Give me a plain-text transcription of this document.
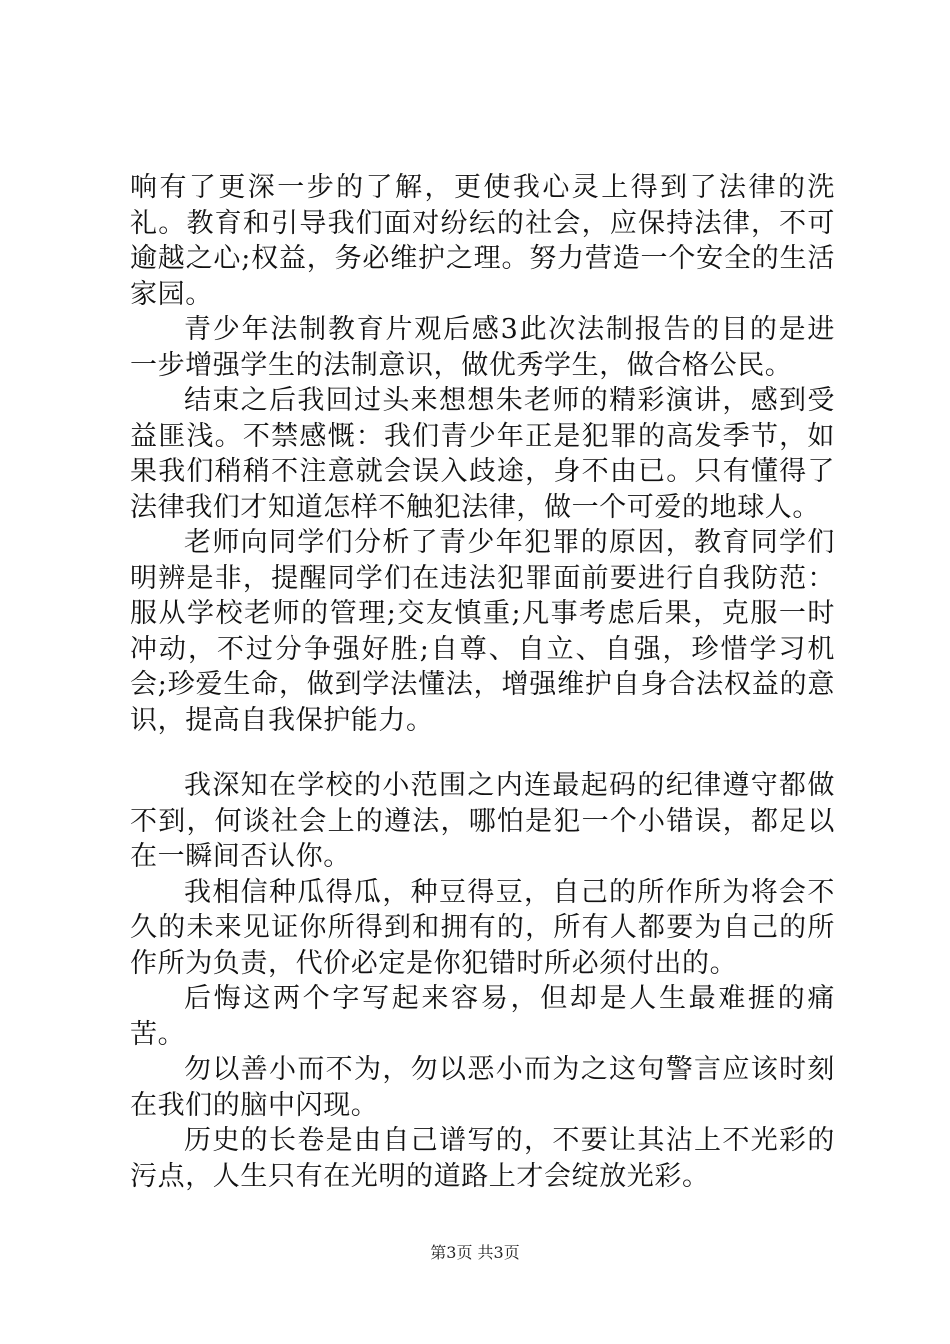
响有了更深一步的了解，更使我心灵上得到了法律的洗礼。教育和引导我们面对纷纭的社会，应保持法律，不可逾越之心;权益，务必维护之理。努力营造一个安全的生活家园。

青少年法制教育片观后感3此次法制报告的目的是进一步增强学生的法制意识，做优秀学生，做合格公民。

结束之后我回过头来想想朱老师的精彩演讲，感到受益匪浅。不禁感慨：我们青少年正是犯罪的高发季节，如果我们稍稍不注意就会误入歧途，身不由已。只有懂得了法律我们才知道怎样不触犯法律，做一个可爱的地球人。

老师向同学们分析了青少年犯罪的原因，教育同学们明辨是非，提醒同学们在违法犯罪面前要进行自我防范：服从学校老师的管理;交友慎重;凡事考虑后果，克服一时冲动，不过分争强好胜;自尊、自立、自强，珍惜学习机会;珍爱生命，做到学法懂法，增强维护自身合法权益的意识，提高自我保护能力。

我深知在学校的小范围之内连最起码的纪律遵守都做不到，何谈社会上的遵法，哪怕是犯一个小错误，都足以在一瞬间否认你。

我相信种瓜得瓜，种豆得豆，自己的所作所为将会不久的未来见证你所得到和拥有的，所有人都要为自己的所作所为负责，代价必定是你犯错时所必须付出的。

后悔这两个字写起来容易，但却是人生最难捱的痛苦。

勿以善小而不为，勿以恶小而为之这句警言应该时刻在我们的脑中闪现。

历史的长卷是由自己谱写的，不要让其沾上不光彩的污点，人生只有在光明的道路上才会绽放光彩。

第3页 共3页
